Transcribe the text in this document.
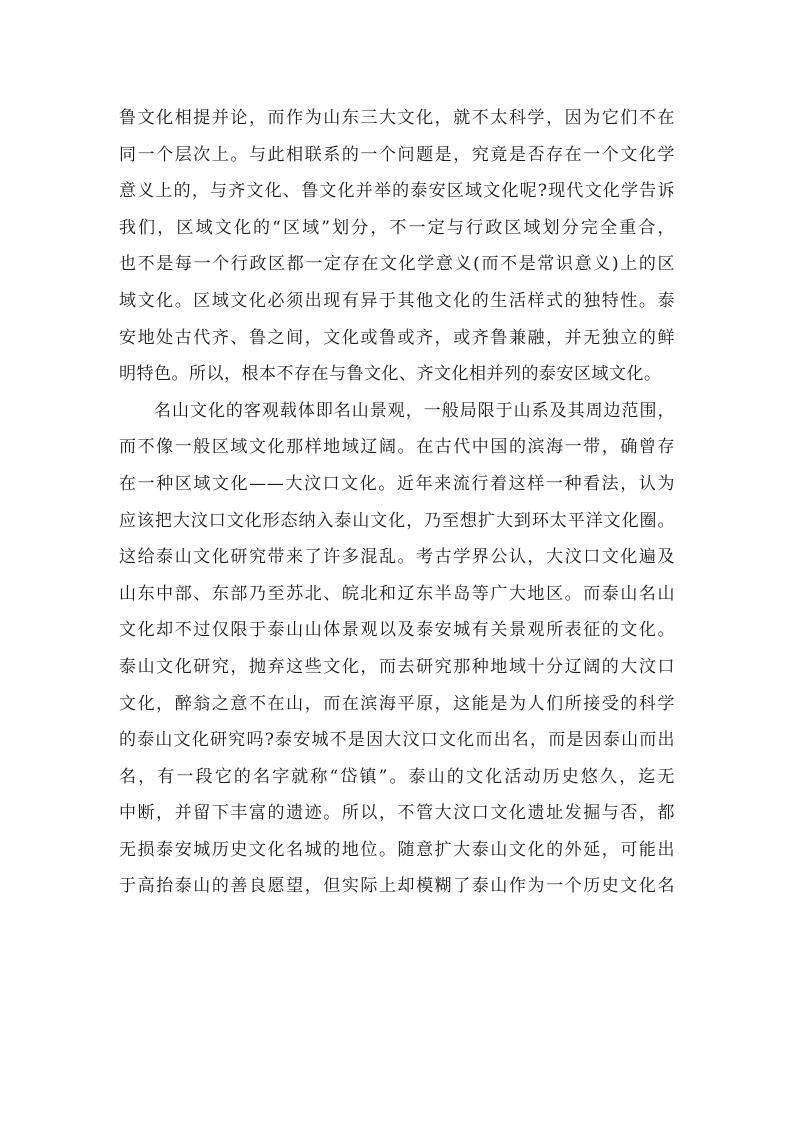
鲁文化相提并论，而作为山东三大文化，就不太科学，因为它们不在
同一个层次上。与此相联系的一个问题是，究竟是否存在一个文化学
意义上的，与齐文化、鲁文化并举的泰安区域文化呢?现代文化学告诉
我们，区域文化的“区域”划分，不一定与行政区域划分完全重合，
也不是每一个行政区都一定存在文化学意义(而不是常识意义)上的区
域文化。区域文化必须出现有异于其他文化的生活样式的独特性。泰
安地处古代齐、鲁之间，文化或鲁或齐，或齐鲁兼融，并无独立的鲜
明特色。所以，根本不存在与鲁文化、齐文化相并列的泰安区域文化。
名山文化的客观载体即名山景观，一般局限于山系及其周边范围，
而不像一般区域文化那样地域辽阔。在古代中国的滨海一带，确曾存
在一种区域文化——大汶口文化。近年来流行着这样一种看法，认为
应该把大汶口文化形态纳入泰山文化，乃至想扩大到环太平洋文化圈。
这给泰山文化研究带来了许多混乱。考古学界公认，大汶口文化遍及
山东中部、东部乃至苏北、皖北和辽东半岛等广大地区。而泰山名山
文化却不过仅限于泰山山体景观以及泰安城有关景观所表征的文化。
泰山文化研究，抛弃这些文化，而去研究那种地域十分辽阔的大汶口
文化，醉翁之意不在山，而在滨海平原，这能是为人们所接受的科学
的泰山文化研究吗?泰安城不是因大汶口文化而出名，而是因泰山而出
名，有一段它的名字就称“岱镇”。泰山的文化活动历史悠久，迄无
中断，并留下丰富的遗迹。所以，不管大汶口文化遗址发掘与否，都
无损泰安城历史文化名城的地位。随意扩大泰山文化的外延，可能出
于高抬泰山的善良愿望，但实际上却模糊了泰山作为一个历史文化名
